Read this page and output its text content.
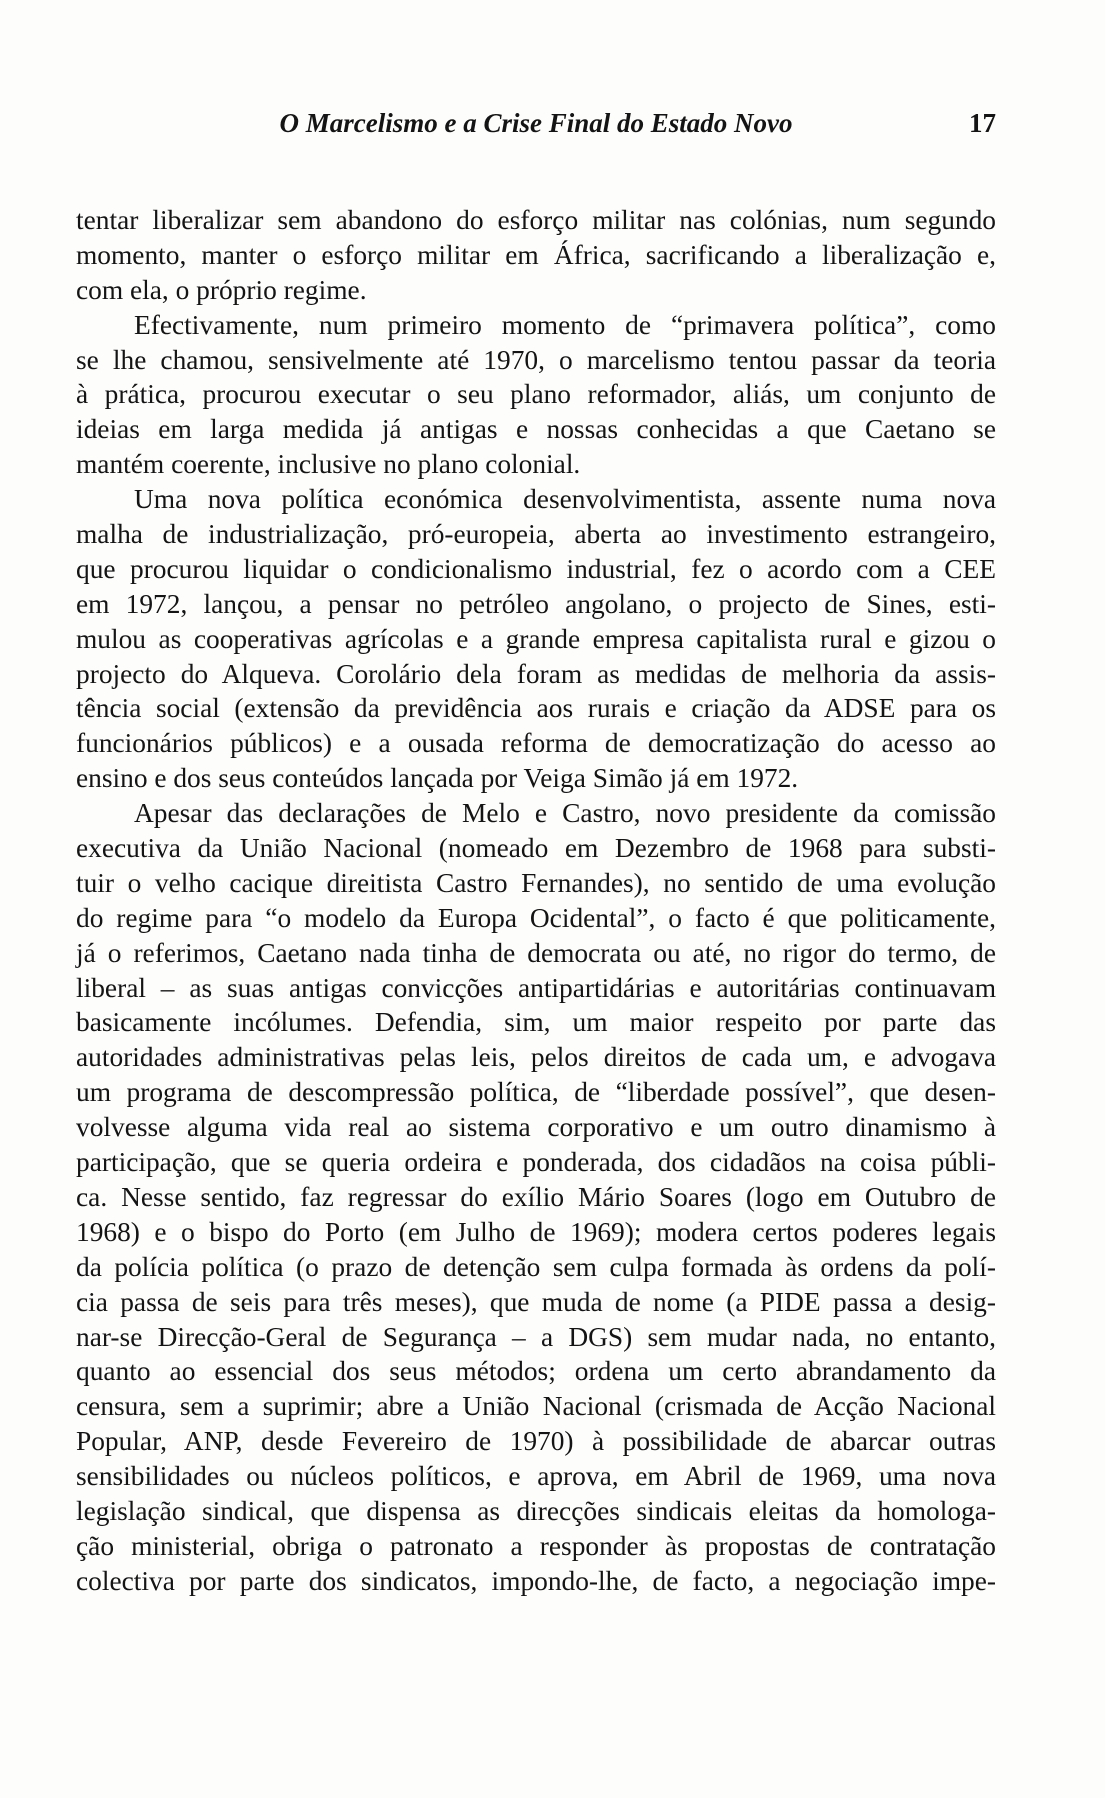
O Marcelismo e a Crise Final do Estado Novo	17
tentar liberalizar sem abandono do esforço militar nas colónias, num segundo
momento, manter o esforço militar em África, sacrificando a liberalização e,
com ela, o próprio regime.
Efectivamente, num primeiro momento de “primavera política”, como
se lhe chamou, sensivelmente até 1970, o marcelismo tentou passar da teoria
à prática, procurou executar o seu plano reformador, aliás, um conjunto de
ideias em larga medida já antigas e nossas conhecidas a que Caetano se
mantém coerente, inclusive no plano colonial.
Uma nova política económica desenvolvimentista, assente numa nova
malha de industrialização, pró-europeia, aberta ao investimento estrangeiro,
que procurou liquidar o condicionalismo industrial, fez o acordo com a CEE
em 1972, lançou, a pensar no petróleo angolano, o projecto de Sines, esti-
mulou as cooperativas agrícolas e a grande empresa capitalista rural e gizou o
projecto do Alqueva. Corolário dela foram as medidas de melhoria da assis-
tência social (extensão da previdência aos rurais e criação da ADSE para os
funcionários públicos) e a ousada reforma de democratização do acesso ao
ensino e dos seus conteúdos lançada por Veiga Simão já em 1972.
Apesar das declarações de Melo e Castro, novo presidente da comissão
executiva da União Nacional (nomeado em Dezembro de 1968 para substi-
tuir o velho cacique direitista Castro Fernandes), no sentido de uma evolução
do regime para “o modelo da Europa Ocidental”, o facto é que politicamente,
já o referimos, Caetano nada tinha de democrata ou até, no rigor do termo, de
liberal – as suas antigas convicções antipartidárias e autoritárias continuavam
basicamente incólumes. Defendia, sim, um maior respeito por parte das
autoridades administrativas pelas leis, pelos direitos de cada um, e advogava
um programa de descompressão política, de “liberdade possível”, que desen-
volvesse alguma vida real ao sistema corporativo e um outro dinamismo à
participação, que se queria ordeira e ponderada, dos cidadãos na coisa públi-
ca. Nesse sentido, faz regressar do exílio Mário Soares (logo em Outubro de
1968) e o bispo do Porto (em Julho de 1969); modera certos poderes legais
da polícia política (o prazo de detenção sem culpa formada às ordens da polí-
cia passa de seis para três meses), que muda de nome (a PIDE passa a desig-
nar-se Direcção-Geral de Segurança – a DGS) sem mudar nada, no entanto,
quanto ao essencial dos seus métodos; ordena um certo abrandamento da
censura, sem a suprimir; abre a União Nacional (crismada de Acção Nacional
Popular, ANP, desde Fevereiro de 1970) à possibilidade de abarcar outras
sensibilidades ou núcleos políticos, e aprova, em Abril de 1969, uma nova
legislação sindical, que dispensa as direcções sindicais eleitas da homologa-
ção ministerial, obriga o patronato a responder às propostas de contratação
colectiva por parte dos sindicatos, impondo-lhe, de facto, a negociação impe-
